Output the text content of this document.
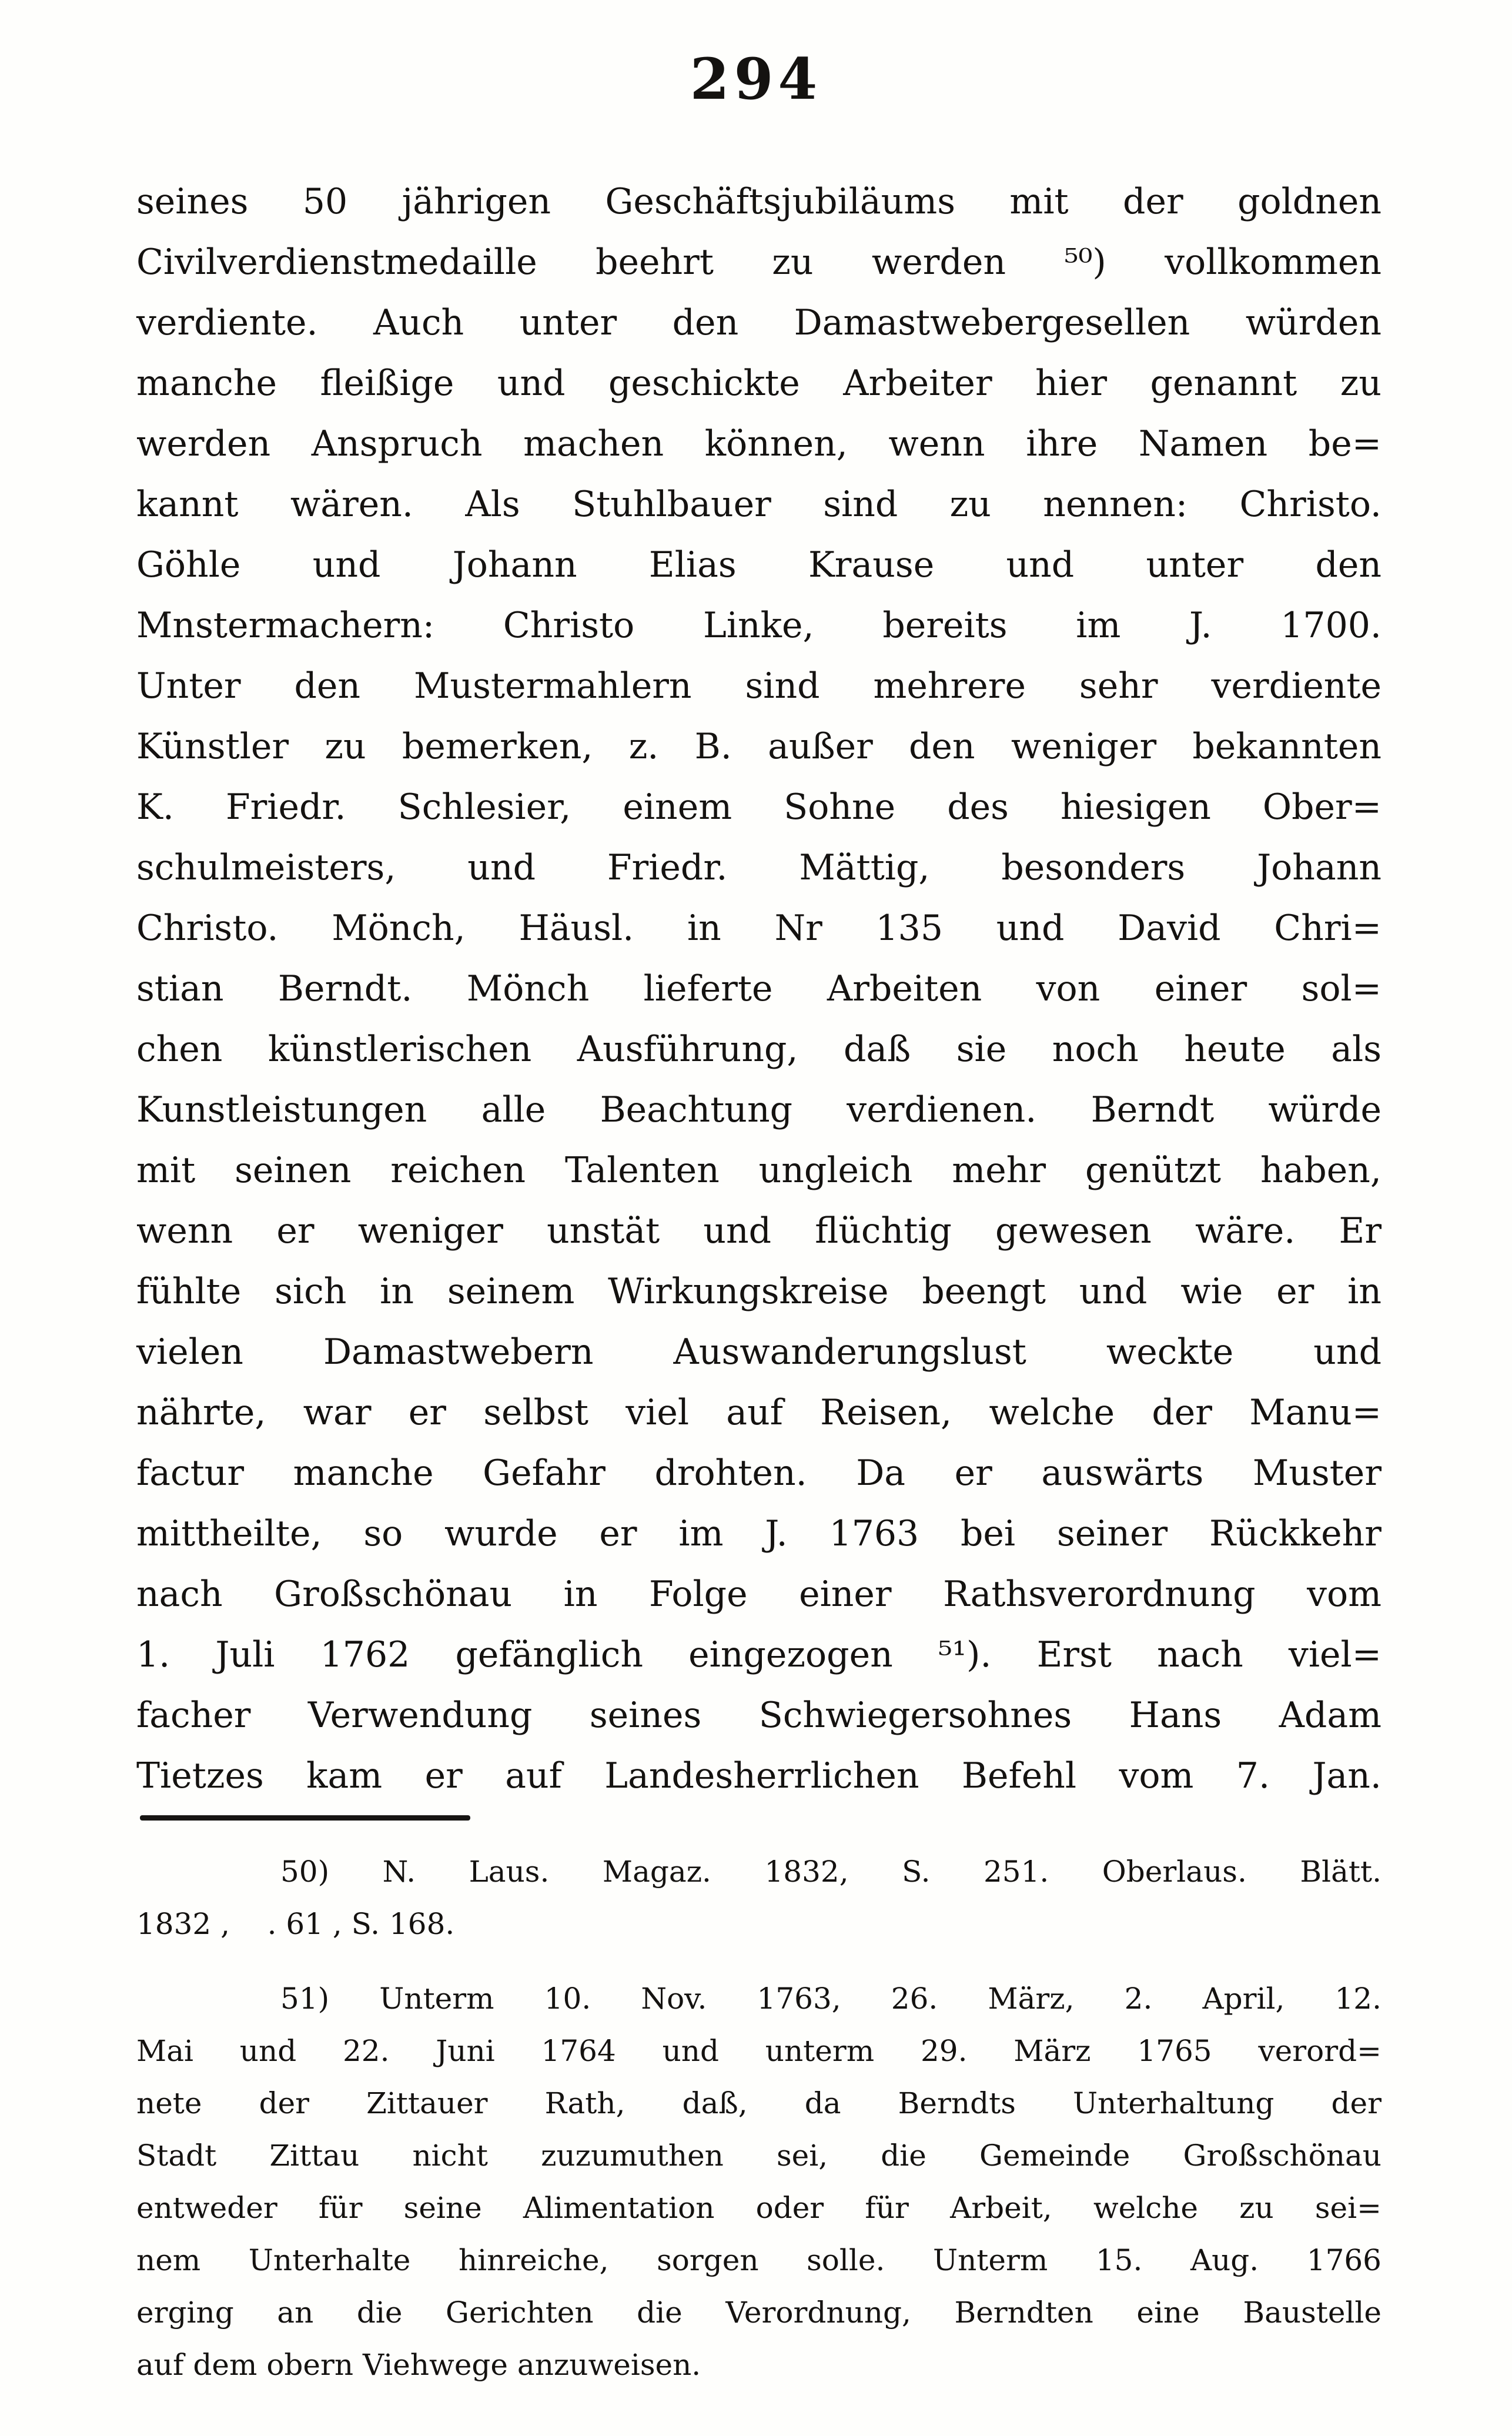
294
seines 50 jährigen Geschäftsjubiläums mit der goldnen
Civilverdienstmedaille beehrt zu werden ⁵⁰) vollkommen
verdiente. Auch unter den Damastwebergesellen würden
manche fleißige und geschickte Arbeiter hier genannt zu
werden Anspruch machen können, wenn ihre Namen be=
kannt wären. Als Stuhlbauer sind zu nennen: Christo.
Göhle und Johann Elias Krause und unter den
Mnstermachern: Christo Linke, bereits im J. 1700.
Unter den Mustermahlern sind mehrere sehr verdiente
Künstler zu bemerken, z. B. außer den weniger bekannten
K. Friedr. Schlesier, einem Sohne des hiesigen Ober=
schulmeisters, und Friedr. Mättig, besonders Johann
Christo. Mönch, Häusl. in Nr 135 und David Chri=
stian Berndt. Mönch lieferte Arbeiten von einer sol=
chen künstlerischen Ausführung, daß sie noch heute als
Kunstleistungen alle Beachtung verdienen. Berndt würde
mit seinen reichen Talenten ungleich mehr genützt haben,
wenn er weniger unstät und flüchtig gewesen wäre. Er
fühlte sich in seinem Wirkungskreise beengt und wie er in
vielen Damastwebern Auswanderungslust weckte und
nährte, war er selbst viel auf Reisen, welche der Manu=
factur manche Gefahr drohten. Da er auswärts Muster
mittheilte, so wurde er im J. 1763 bei seiner Rückkehr
nach Großschönau in Folge einer Rathsverordnung vom
1. Juli 1762 gefänglich eingezogen ⁵¹). Erst nach viel=
facher Verwendung seines Schwiegersohnes Hans Adam
Tietzes kam er auf Landesherrlichen Befehl vom 7. Jan.
50) N. Laus. Magaz. 1832, S. 251. Oberlaus. Blätt.
1832 ,    . 61 , S. 168.
51) Unterm 10. Nov. 1763, 26. März, 2. April, 12.
Mai und 22. Juni 1764 und unterm 29. März 1765 verord=
nete der Zittauer Rath, daß, da Berndts Unterhaltung der
Stadt Zittau nicht zuzumuthen sei, die Gemeinde Großschönau
entweder für seine Alimentation oder für Arbeit, welche zu sei=
nem Unterhalte hinreiche, sorgen solle. Unterm 15. Aug. 1766
erging an die Gerichten die Verordnung, Berndten eine Baustelle
auf dem obern Viehwege anzuweisen.
